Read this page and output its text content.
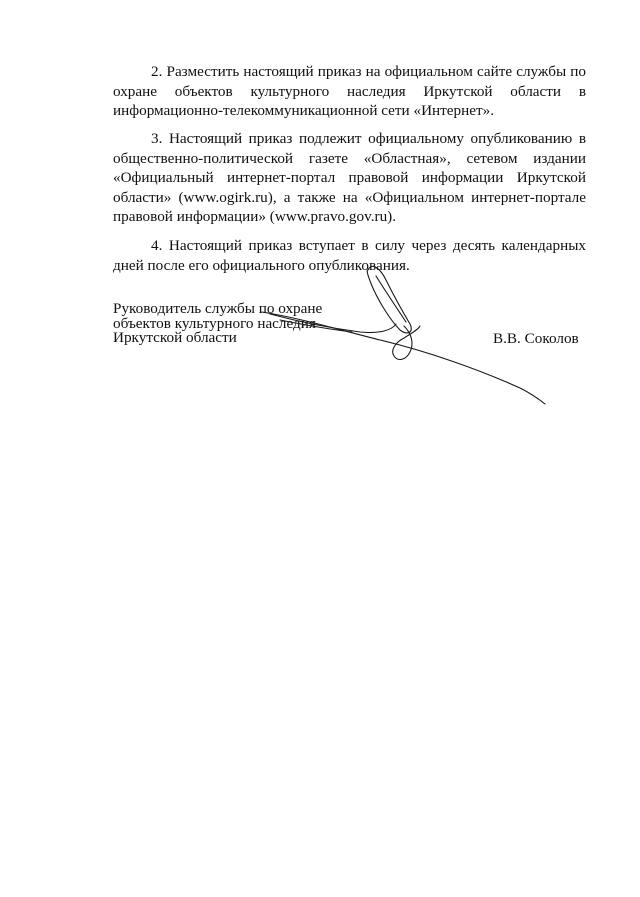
2. Разместить настоящий приказ на официальном сайте службы по
охране объектов культурного наследия Иркутской области в
информационно-телекоммуникационной сети «Интернет».

3. Настоящий приказ подлежит официальному опубликованию в
общественно-политической газете «Областная», сетевом издании
«Официальный интернет-портал правовой информации Иркутской
области» (www.ogirk.ru), а также на «Официальном интернет-портале
правовой информации» (www.pravo.gov.ru).

4. Настоящий приказ вступает в силу через десять календарных
дней после его официального опубликования.

Руководитель службы по охране
объектов культурного наследия
Иркутской области	В.В. Соколов
